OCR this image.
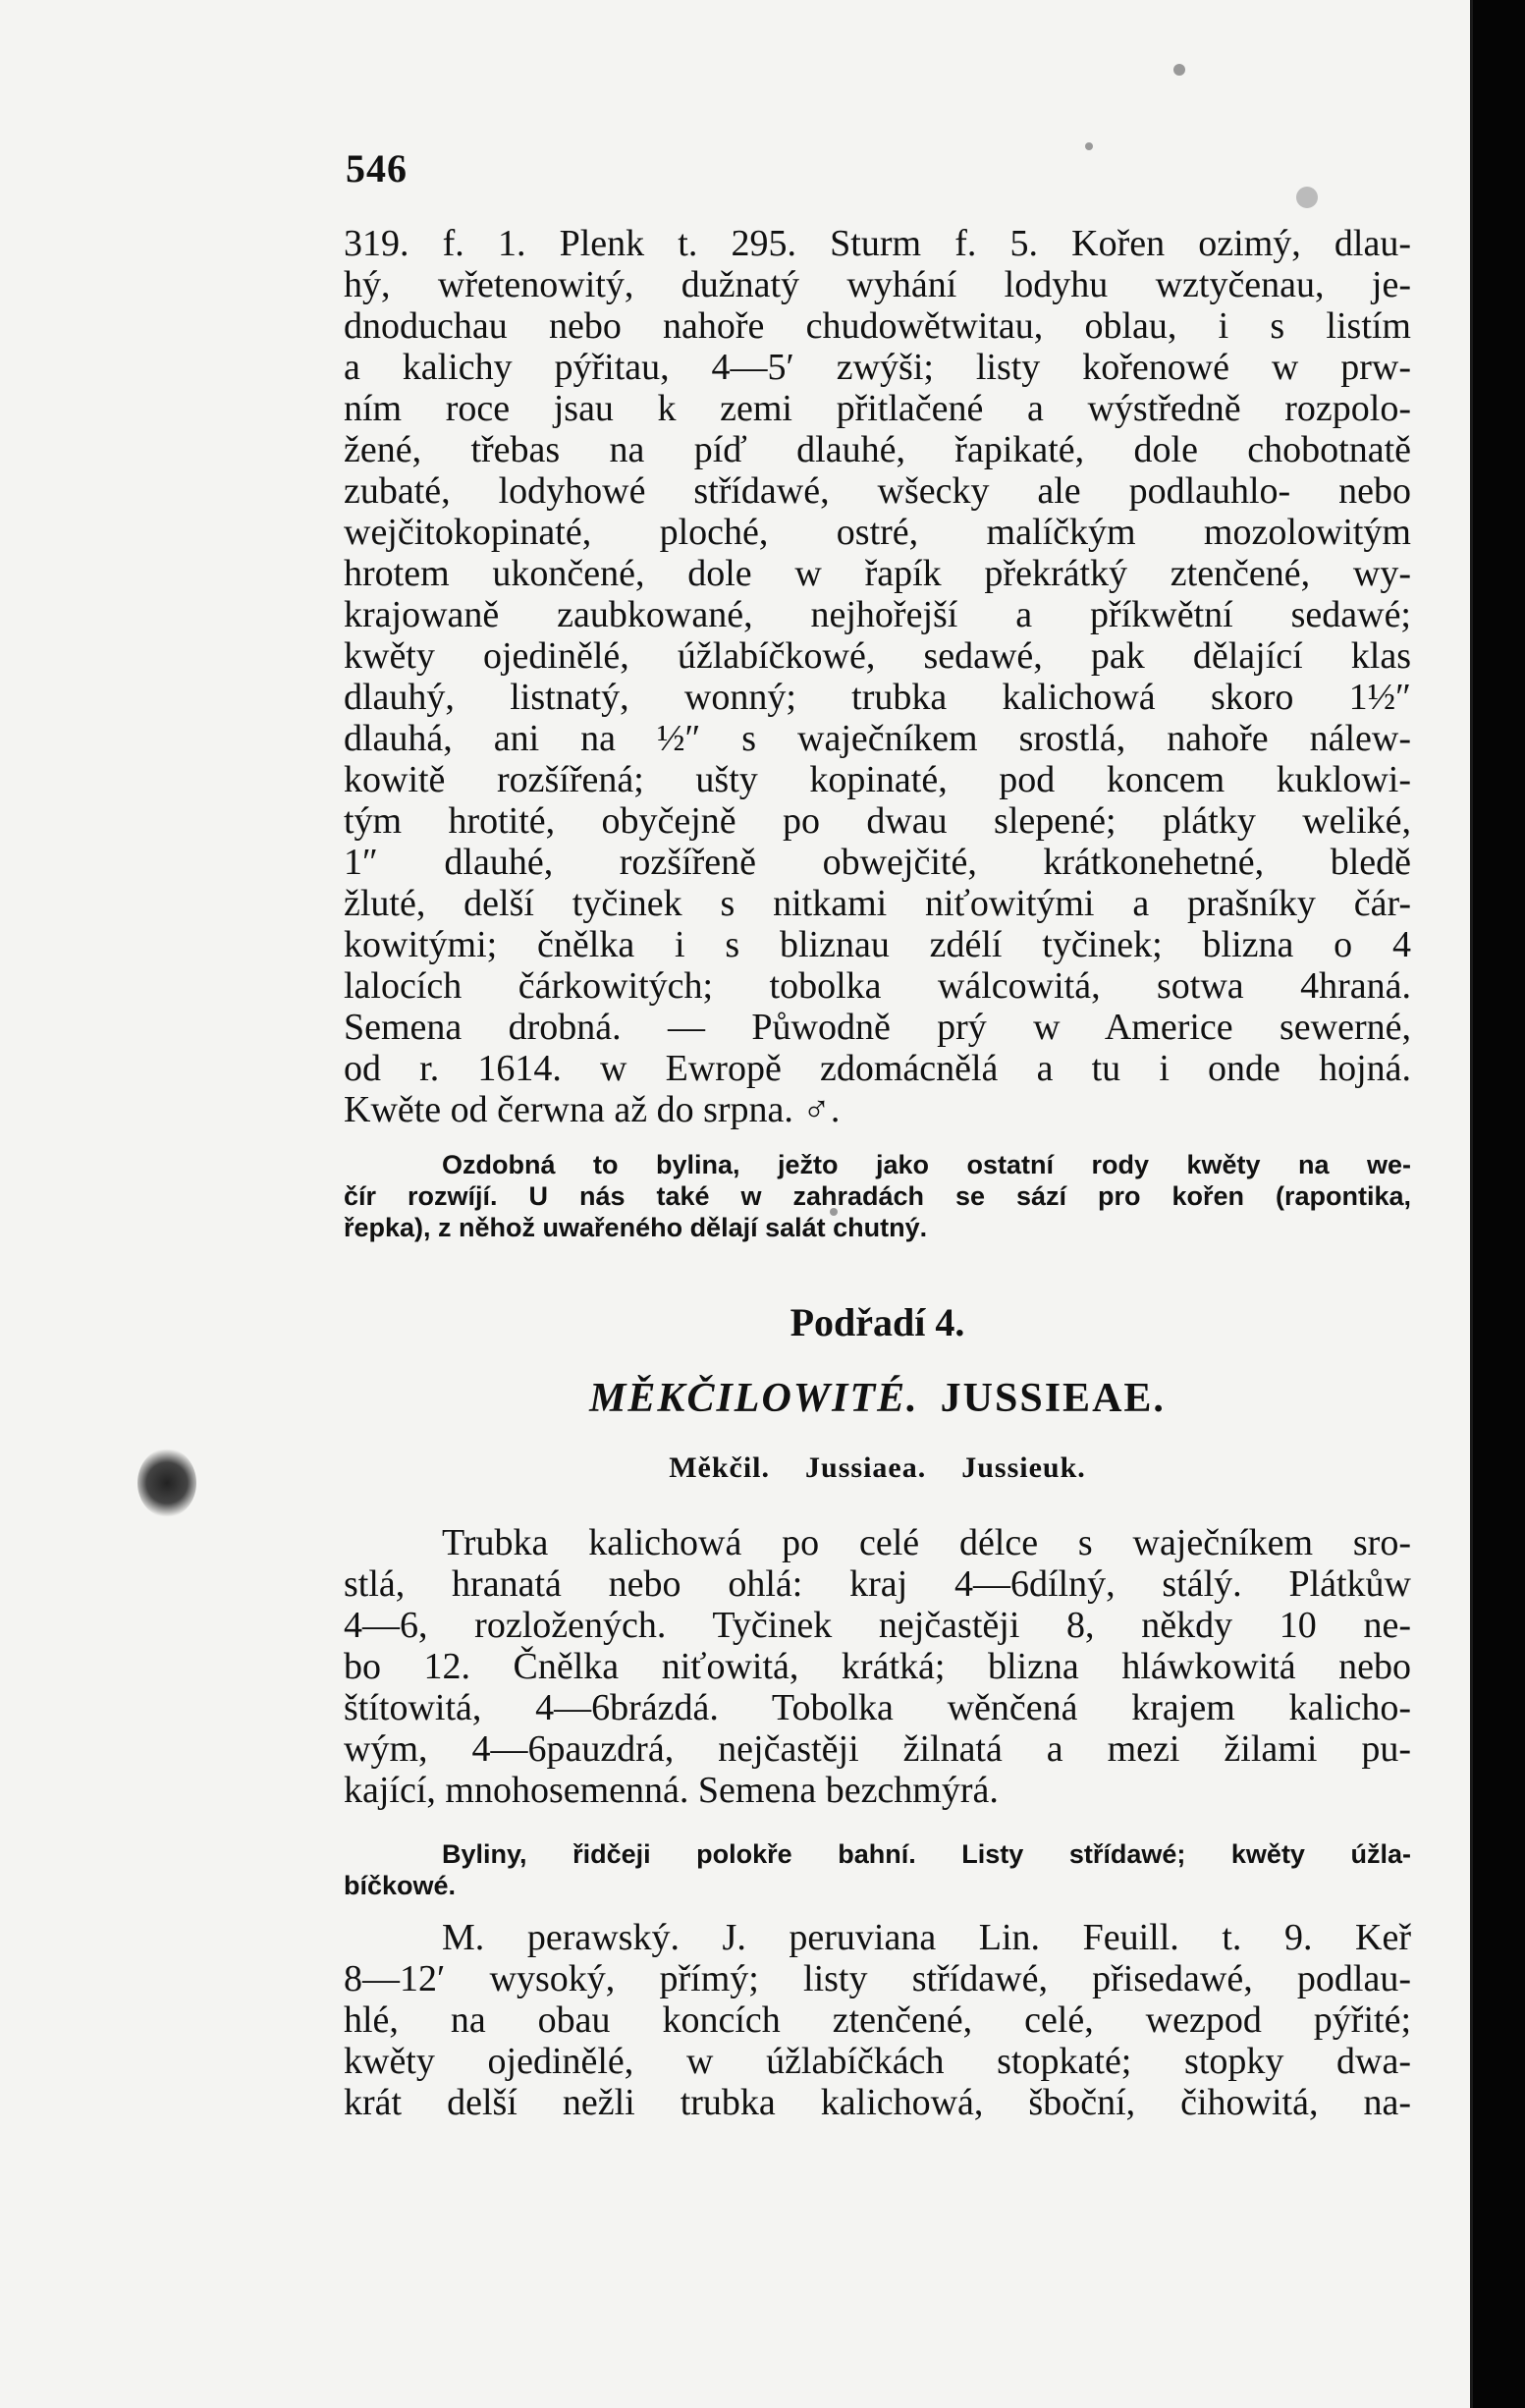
546
319. f. 1. Plenk t. 295. Sturm f. 5. Kořen ozimý, dlau-
hý, wřetenowitý, dužnatý wyhání lodyhu wztyčenau, je-
dnoduchau nebo nahoře chudowětwitau, oblau, i s listím
a kalichy pýřitau, 4—5′ zwýši; listy kořenowé w prw-
ním roce jsau k zemi přitlačené a wýstředně rozpolo-
žené, třebas na píď dlauhé, řapikaté, dole chobotnatě
zubaté, lodyhowé střídawé, wšecky ale podlauhlo- nebo
wejčitokopinaté, ploché, ostré, malíčkým mozolowitým
hrotem ukončené, dole w řapík překrátký ztenčené, wy-
krajowaně zaubkowané, nejhořejší a příkwětní sedawé;
kwěty ojedinělé, úžlabíčkowé, sedawé, pak dělající klas
dlauhý, listnatý, wonný; trubka kalichowá skoro 1½″
dlauhá, ani na ½″ s waječníkem srostlá, nahoře nálew-
kowitě rozšířená; ušty kopinaté, pod koncem kuklowi-
tým hrotité, obyčejně po dwau slepené; plátky weliké,
1″ dlauhé, rozšířeně obwejčité, krátkonehetné, bledě
žluté, delší tyčinek s nitkami niťowitými a prašníky čár-
kowitými; čnělka i s bliznau zdélí tyčinek; blizna o 4
lalocích čárkowitých; tobolka wálcowitá, sotwa 4hraná.
Semena drobná. — Půwodně prý w Americe sewerné,
od r. 1614. w Ewropě zdomácnělá a tu i onde hojná.
Kwěte od čerwna až do srpna. ♂.
Ozdobná to bylina, ježto jako ostatní rody kwěty na we-
čír rozwíjí. U nás také w zahradách se sází pro kořen (rapontika,
řepka), z něhož uwařeného dělají salát chutný.
Podřadí 4.
MĚKČILOWITÉ. JUSSIEAE.
Měkčil. Jussiaea. Jussieuk.
Trubka kalichowá po celé délce s waječníkem sro-
stlá, hranatá nebo ohlá: kraj 4—6dílný, stálý. Plátkůw
4—6, rozložených. Tyčinek nejčastěji 8, někdy 10 ne-
bo 12. Čnělka niťowitá, krátká; blizna hláwkowitá nebo
štítowitá, 4—6brázdá. Tobolka wěnčená krajem kalicho-
wým, 4—6pauzdrá, nejčastěji žilnatá a mezi žilami pu-
kající, mnohosemenná. Semena bezchmýrá.
Byliny, řidčeji polokře bahní. Listy střídawé; kwěty úžla-
bíčkowé.
M. perawský. J. peruviana Lin. Feuill. t. 9. Keř
8—12′ wysoký, přímý; listy střídawé, přisedawé, podlau-
hlé, na obau koncích ztenčené, celé, wezpod pýřité;
kwěty ojedinělé, w úžlabíčkách stopkaté; stopky dwa-
krát delší nežli trubka kalichowá, šboční, čihowitá, na-
